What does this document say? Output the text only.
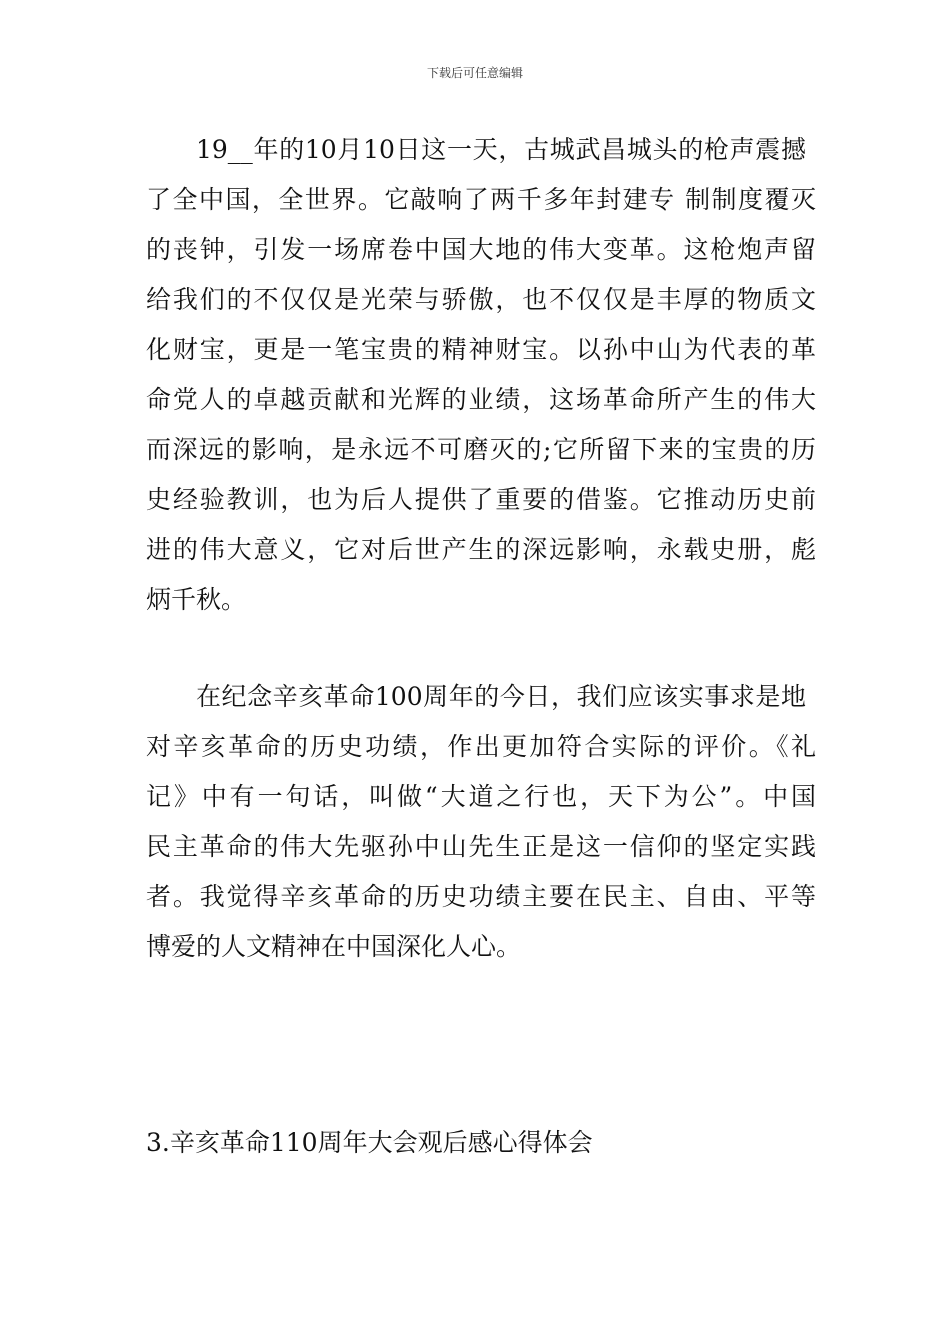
下载后可任意编辑
19__年的10月10日这一天，古城武昌城头的枪声震撼
了全中国，全世界。它敲响了两千多年封建专 制制度覆灭
的丧钟，引发一场席卷中国大地的伟大变革。这枪炮声留
给我们的不仅仅是光荣与骄傲，也不仅仅是丰厚的物质文
化财宝，更是一笔宝贵的精神财宝。以孙中山为代表的革
命党人的卓越贡献和光辉的业绩，这场革命所产生的伟大
而深远的影响，是永远不可磨灭的;它所留下来的宝贵的历
史经验教训，也为后人提供了重要的借鉴。它推动历史前
进的伟大意义，它对后世产生的深远影响，永载史册，彪
炳千秋。
在纪念辛亥革命100周年的今日，我们应该实事求是地
对辛亥革命的历史功绩，作出更加符合实际的评价。《礼
记》中有一句话，叫做“大道之行也，天下为公”。中国
民主革命的伟大先驱孙中山先生正是这一信仰的坚定实践
者。我觉得辛亥革命的历史功绩主要在民主、自由、平等
博爱的人文精神在中国深化人心。
3.辛亥革命110周年大会观后感心得体会
